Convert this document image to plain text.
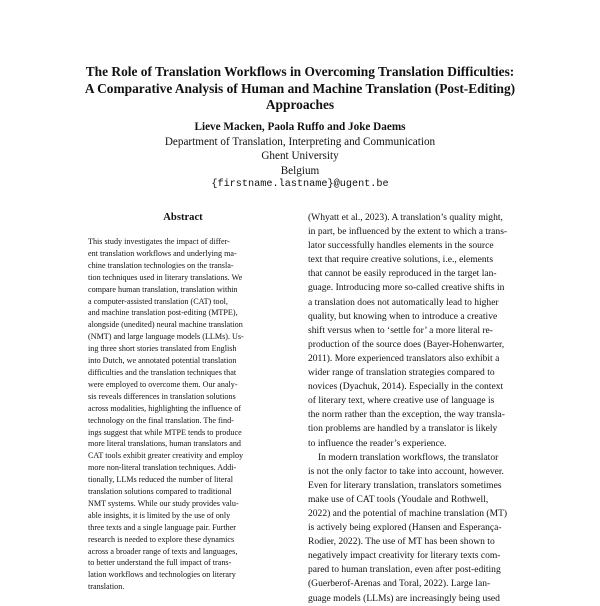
The Role of Translation Workflows in Overcoming Translation Difficulties:
A Comparative Analysis of Human and Machine Translation (Post-Editing)
Approaches
Lieve Macken, Paola Ruffo and Joke Daems
Department of Translation, Interpreting and Communication
Ghent University
Belgium
{firstname.lastname}@ugent.be
Abstract
This study investigates the impact of differ-
ent translation workflows and underlying ma-
chine translation technologies on the transla-
tion techniques used in literary translations. We
compare human translation, translation within
a computer-assisted translation (CAT) tool,
and machine translation post-editing (MTPE),
alongside (unedited) neural machine translation
(NMT) and large language models (LLMs). Us-
ing three short stories translated from English
into Dutch, we annotated potential translation
difficulties and the translation techniques that
were employed to overcome them. Our analy-
sis reveals differences in translation solutions
across modalities, highlighting the influence of
technology on the final translation. The find-
ings suggest that while MTPE tends to produce
more literal translations, human translators and
CAT tools exhibit greater creativity and employ
more non-literal translation techniques. Addi-
tionally, LLMs reduced the number of literal
translation solutions compared to traditional
NMT systems. While our study provides valu-
able insights, it is limited by the use of only
three texts and a single language pair. Further
research is needed to explore these dynamics
across a broader range of texts and languages,
to better understand the full impact of trans-
lation workflows and technologies on literary
translation.
(Whyatt et al., 2023). A translation’s quality might,
in part, be influenced by the extent to which a trans-
lator successfully handles elements in the source
text that require creative solutions, i.e., elements
that cannot be easily reproduced in the target lan-
guage. Introducing more so-called creative shifts in
a translation does not automatically lead to higher
quality, but knowing when to introduce a creative
shift versus when to ‘settle for’ a more literal re-
production of the source does (Bayer-Hohenwarter,
2011). More experienced translators also exhibit a
wider range of translation strategies compared to
novices (Dyachuk, 2014). Especially in the context
of literary text, where creative use of language is
the norm rather than the exception, the way transla-
tion problems are handled by a translator is likely
to influence the reader’s experience.
In modern translation workflows, the translator
is not the only factor to take into account, however.
Even for literary translation, translators sometimes
make use of CAT tools (Youdale and Rothwell,
2022) and the potential of machine translation (MT)
is actively being explored (Hansen and Esperança-
Rodier, 2022). The use of MT has been shown to
negatively impact creativity for literary texts com-
pared to human translation, even after post-editing
(Guerberof-Arenas and Toral, 2022). Large lan-
guage models (LLMs) are increasingly being used
